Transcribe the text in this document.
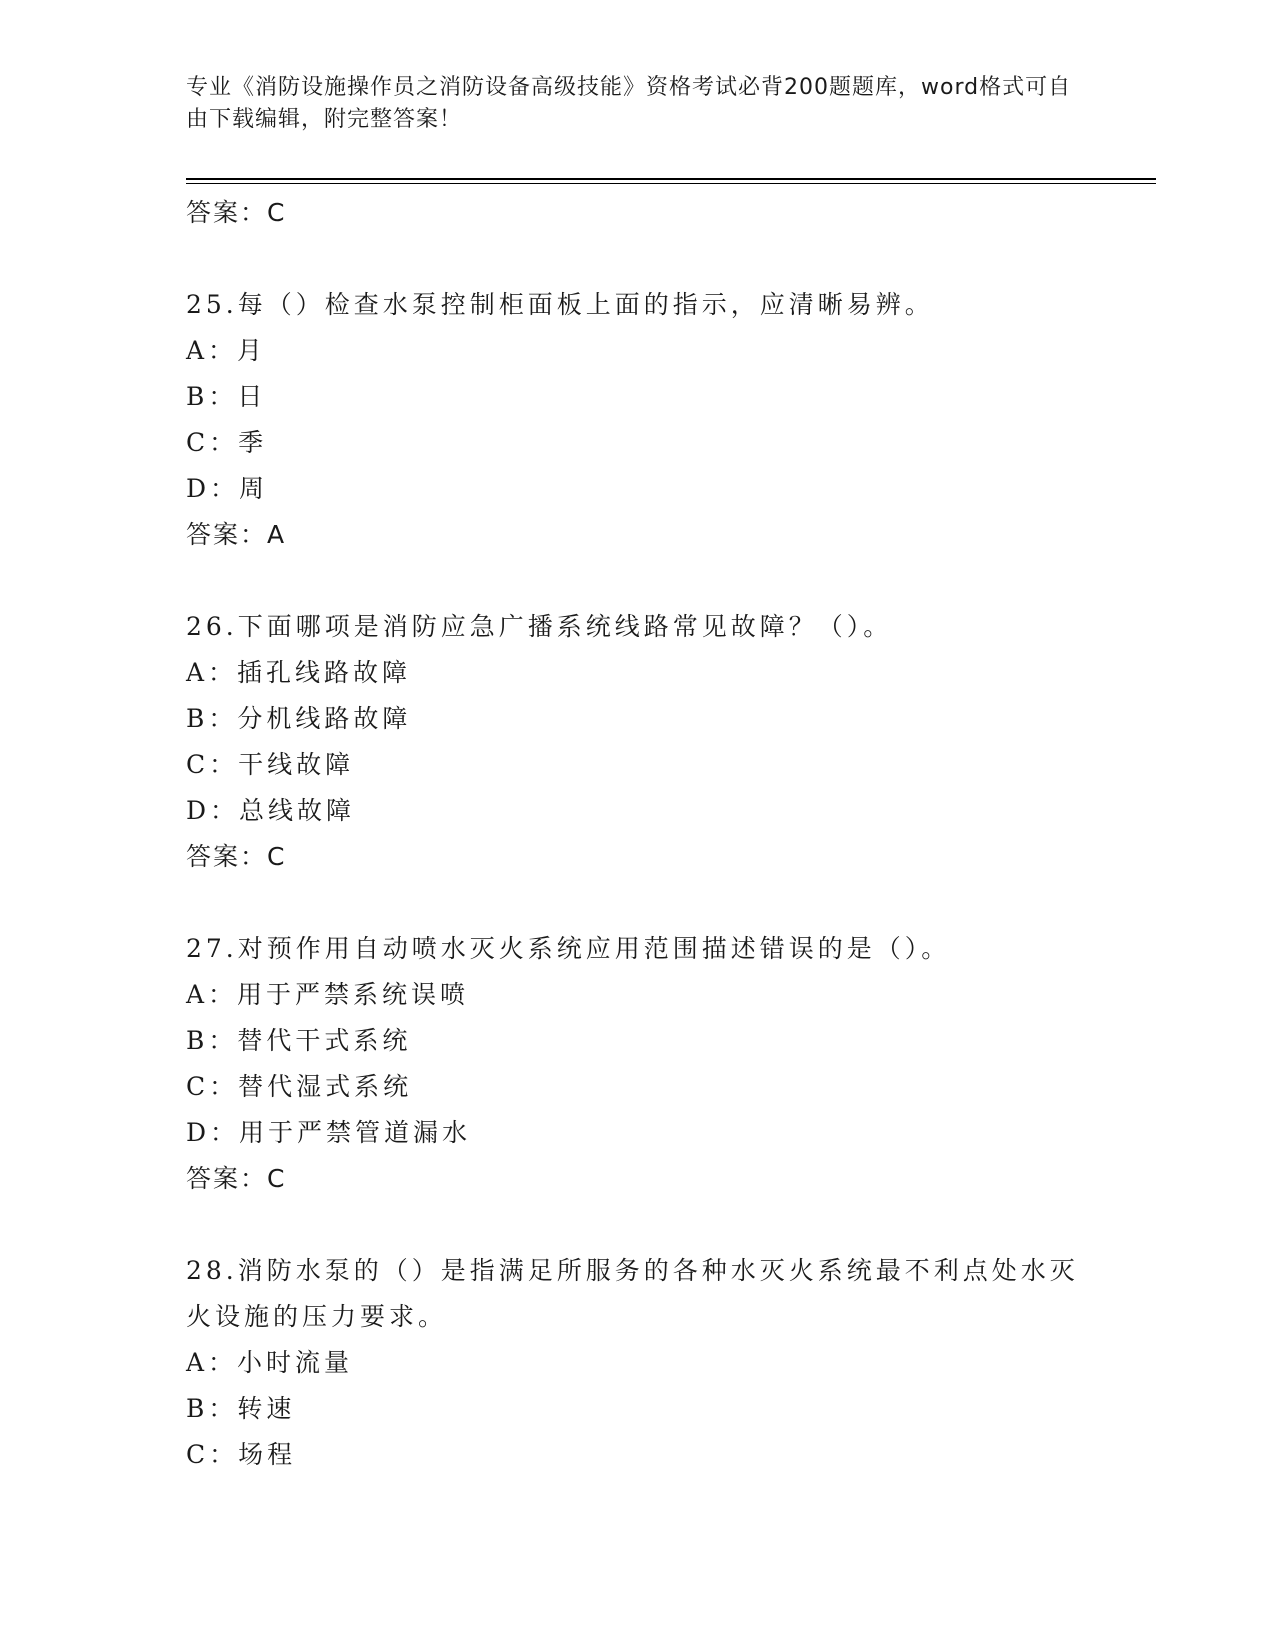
专业《消防设施操作员之消防设备高级技能》资格考试必背200题题库，word格式可自由下载编辑，附完整答案！
答案：C
25.每（）检查水泵控制柜面板上面的指示，应清晰易辨。
A：月
B：日
C：季
D：周
答案：A
26.下面哪项是消防应急广播系统线路常见故障？（）。
A：插孔线路故障
B：分机线路故障
C：干线故障
D：总线故障
答案：C
27.对预作用自动喷水灭火系统应用范围描述错误的是（）。
A：用于严禁系统误喷
B：替代干式系统
C：替代湿式系统
D：用于严禁管道漏水
答案：C
28.消防水泵的（）是指满足所服务的各种水灭火系统最不利点处水灭火设施的压力要求。
A：小时流量
B：转速
C：场程
